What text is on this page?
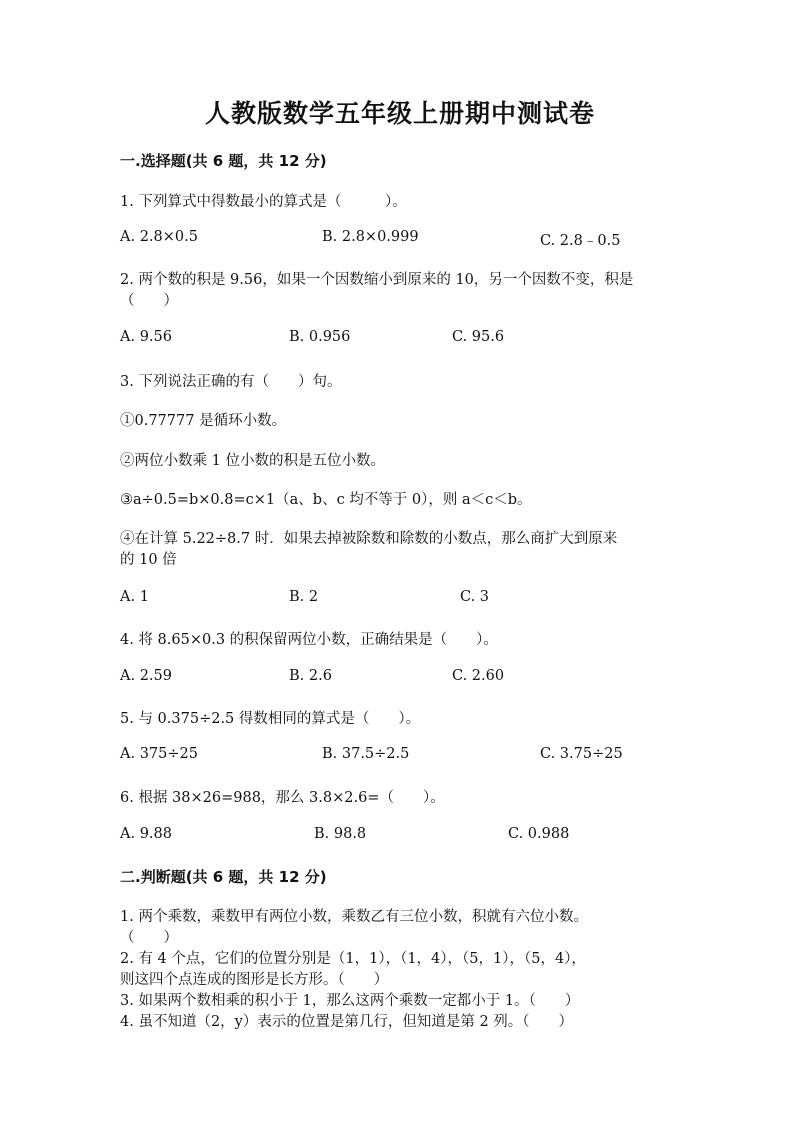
人教版数学五年级上册期中测试卷
一.选择题(共 6 题，共 12 分)
1. 下列算式中得数最小的算式是（　　　）。
A. 2.8×0.5	B. 2.8×0.999	C. 2.8﹣0.5
2. 两个数的积是 9.56，如果一个因数缩小到原来的 10，另一个因数不变，积是
（　　）
A. 9.56	B. 0.956	C. 95.6
3. 下列说法正确的有（　　）句。
①0.77777 是循环小数。
②两位小数乘 1 位小数的积是五位小数。
③a÷0.5=b×0.8=c×1（a、b、c 均不等于 0），则 a＜c＜b。
④在计算 5.22÷8.7 时．如果去掉被除数和除数的小数点，那么商扩大到原来
的 10 倍
A. 1	B. 2	C. 3
4. 将 8.65×0.3 的积保留两位小数，正确结果是（　　）。
A. 2.59	B. 2.6	C. 2.60
5. 与 0.375÷2.5 得数相同的算式是（　　）。
A. 375÷25	B. 37.5÷2.5	C. 3.75÷25
6. 根据 38×26=988，那么 3.8×2.6=（　　）。
A. 9.88	B. 98.8	C. 0.988
二.判断题(共 6 题，共 12 分)
1. 两个乘数，乘数甲有两位小数，乘数乙有三位小数，积就有六位小数。
（　　）
2. 有 4 个点，它们的位置分别是（1，1），（1，4），（5，1），（5，4），
则这四个点连成的图形是长方形。（　　）
3. 如果两个数相乘的积小于 1，那么这两个乘数一定都小于 1。（　　）
4. 虽不知道（2，y）表示的位置是第几行，但知道是第 2 列。（　　）
